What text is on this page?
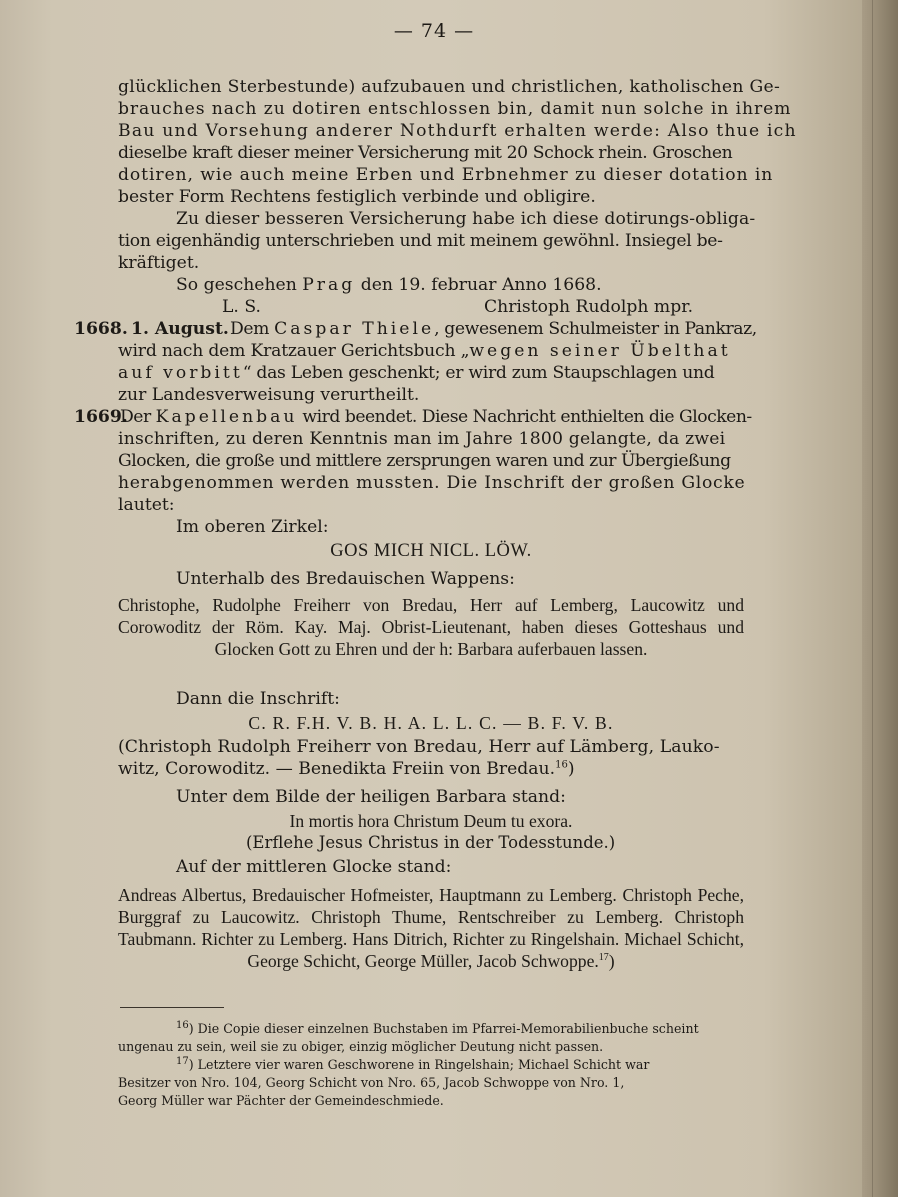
— 74 —
glücklichen Sterbestunde) aufzubauen und christlichen, katholischen Ge-
brauches nach zu dotiren entschlossen bin, damit nun solche in ihrem
Bau und Vorsehung anderer Nothdurft erhalten werde: Also thue ich
dieselbe kraft dieser meiner Versicherung mit 20 Schock rhein. Groschen
dotiren, wie auch meine Erben und Erbnehmer zu dieser dotation in
bester Form Rechtens festiglich verbinde und obligire.
Zu dieser besseren Versicherung habe ich diese dotirungs-obliga-
tion eigenhändig unterschrieben und mit meinem gewöhnl. Insiegel be-
kräftiget.
So geschehen Prag den 19. februar Anno 1668.
L. S.	Christoph Rudolph mpr.
1668. 1. August. Dem Caspar Thiele, gewesenem Schulmeister in Pankraz,
wird nach dem Kratzauer Gerichtsbuch „wegen seiner Übelthat
auf vorbitt“ das Leben geschenkt; er wird zum Staupschlagen und
zur Landesverweisung verurtheilt.
1669.
Der Kapellenbau wird beendet. Diese Nachricht enthielten die Glocken-
inschriften, zu deren Kenntnis man im Jahre 1800 gelangte, da zwei
Glocken, die große und mittlere zersprungen waren und zur Übergießung
herabgenommen werden mussten. Die Inschrift der großen Glocke
lautet:
Im oberen Zirkel:
GOS MICH NICL. LÖW.
Unterhalb des Bredauischen Wappens:
Christophe, Rudolphe Freiherr von Bredau, Herr auf Lemberg, Laucowitz und Corowoditz der Röm. Kay. Maj. Obrist-Lieutenant, haben dieses Gotteshaus und Glocken Gott zu Ehren und der h: Barbara auferbauen lassen.
Dann die Inschrift:
C. R. F.H. V. B. H. A. L. L. C. — B. F. V. B.
(Christoph Rudolph Freiherr von Bredau, Herr auf Lämberg, Lauko-
witz, Corowoditz. — Benedikta Freiin von Bredau.$^{16}$)
Unter dem Bilde der heiligen Barbara stand:
In mortis hora Christum Deum tu exora.
(Erflehe Jesus Christus in der Todesstunde.)
Auf der mittleren Glocke stand:
Andreas Albertus, Bredauischer Hofmeister, Hauptmann zu Lemberg. Christoph Peche, Burggraf zu Laucowitz. Christoph Thume, Rentschreiber zu Lemberg. Christoph Taubmann. Richter zu Lemberg. Hans Ditrich, Richter zu Ringelshain. Michael Schicht, George Schicht, George Müller, Jacob Schwoppe.$^{17}$)
$^{16}$) Die Copie dieser einzelnen Buchstaben im Pfarrei-Memorabilienbuche scheint
ungenau zu sein, weil sie zu obiger, einzig möglicher Deutung nicht passen.
$^{17}$) Letztere vier waren Geschworene in Ringelshain; Michael Schicht war
Besitzer von Nro. 104, Georg Schicht von Nro. 65, Jacob Schwoppe von Nro. 1,
Georg Müller war Pächter der Gemeindeschmiede.
